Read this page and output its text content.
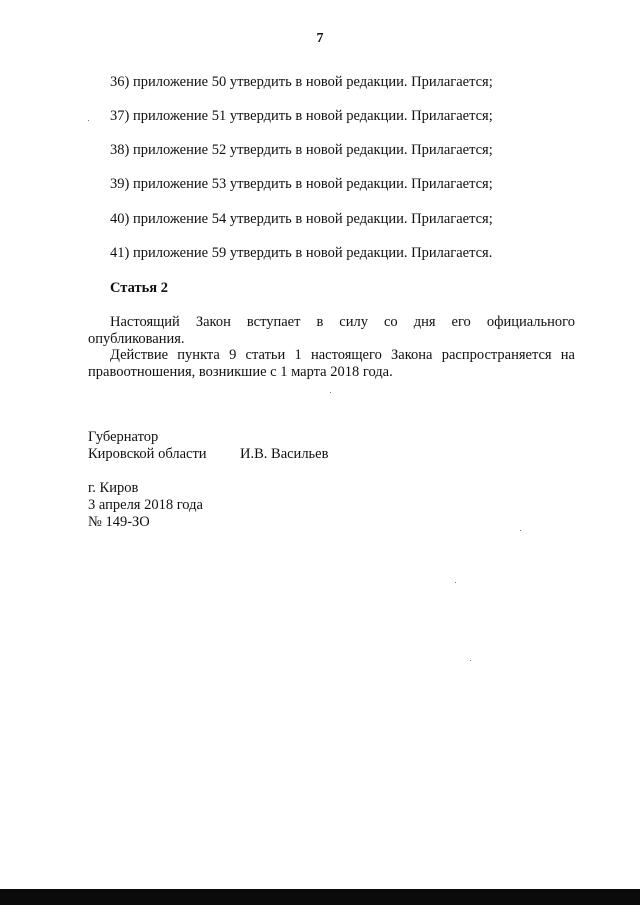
7
36) приложение 50 утвердить в новой редакции. Прилагается;
37) приложение 51 утвердить в новой редакции. Прилагается;
38) приложение 52 утвердить в новой редакции. Прилагается;
39) приложение 53 утвердить в новой редакции. Прилагается;
40) приложение 54 утвердить в новой редакции. Прилагается;
41) приложение 59 утвердить в новой редакции. Прилагается.
Статья 2
Настоящий Закон вступает в силу со дня его официального опубликования.
Действие пункта 9 статьи 1 настоящего Закона распространяется на правоотношения, возникшие с 1 марта 2018 года.
Губернатор
Кировской области И.В. Васильев
г. Киров
3 апреля 2018 года
№ 149-ЗО
